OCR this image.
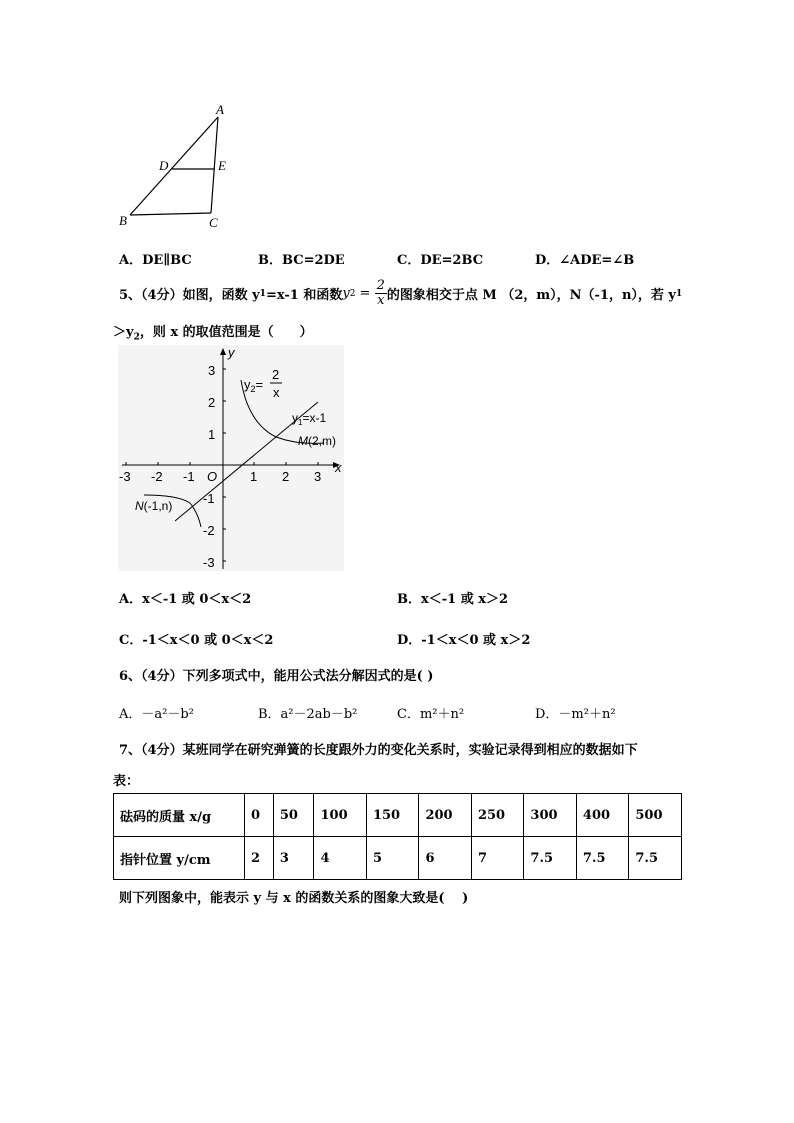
A
D	E
B	C
A．DE∥BC	B．BC=2DE	C．DE=2BC	D．∠ADE=∠B
5、（4分）如图，函数 y 1 =x-1 和函数 y $2 = \frac{2}{x}$ 的图象相交于点 M （2，m），N（-1，n），若 y 1
$>y_2$，则 x 的取值范围是（　　）
-3 -2 -1	1 2 3
3
2
1
-1
-2
-3
O
x
y
$y_2=$
2
x
$y_1=x-1$
M(2,m)
N(-1,n)
A．x＜-1 或 0＜x＜2	B．x＜-1 或 x＞2
C．-1＜x＜0 或 0＜x＜2	D．-1＜x＜0 或 x＞2
6、（4分）下列多项式中，能用公式法分解因式的是( )
A．－a²－b²	B．a²－2ab－b²	C．m²＋n²	D．－m²＋n²
7、（4分）某班同学在研究弹簧的长度跟外力的变化关系时，实验记录得到相应的数据如下
表：
砝码的质量 x/g	0	50	100	150	200	250	300	400	500
指针位置 y/cm	2	3	4	5	6	7	7.5	7.5	7.5
则下列图象中，能表示 y 与 x 的函数关系的图象大致是(　 )
